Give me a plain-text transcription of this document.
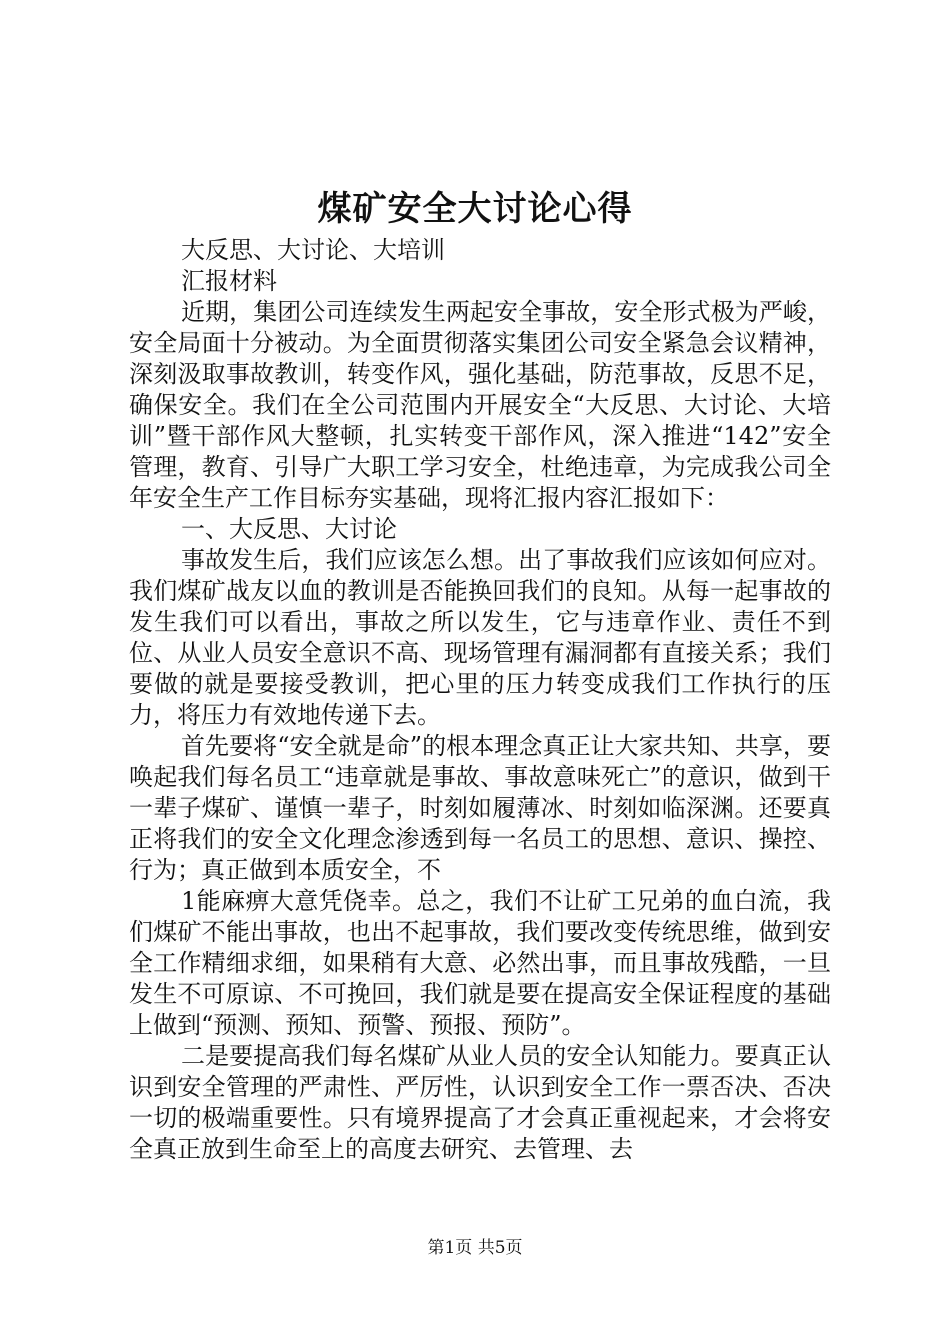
煤矿安全大讨论心得

大反思、大讨论、大培训

汇报材料

近期，集团公司连续发生两起安全事故，安全形式极为严峻，安全局面十分被动。为全面贯彻落实集团公司安全紧急会议精神，深刻汲取事故教训，转变作风，强化基础，防范事故，反思不足，确保安全。我们在全公司范围内开展安全“大反思、大讨论、大培训”暨干部作风大整顿，扎实转变干部作风，深入推进“142”安全管理，教育、引导广大职工学习安全，杜绝违章，为完成我公司全年安全生产工作目标夯实基础，现将汇报内容汇报如下：

一、大反思、大讨论

事故发生后，我们应该怎么想。出了事故我们应该如何应对。我们煤矿战友以血的教训是否能换回我们的良知。从每一起事故的发生我们可以看出，事故之所以发生，它与违章作业、责任不到位、从业人员安全意识不高、现场管理有漏洞都有直接关系；我们要做的就是要接受教训，把心里的压力转变成我们工作执行的压力，将压力有效地传递下去。

首先要将“安全就是命”的根本理念真正让大家共知、共享，要唤起我们每名员工“违章就是事故、事故意味死亡”的意识，做到干一辈子煤矿、谨慎一辈子，时刻如履薄冰、时刻如临深渊。还要真正将我们的安全文化理念渗透到每一名员工的思想、意识、操控、行为；真正做到本质安全，不

1能麻痹大意凭侥幸。总之，我们不让矿工兄弟的血白流，我们煤矿不能出事故，也出不起事故，我们要改变传统思维，做到安全工作精细求细，如果稍有大意、必然出事，而且事故残酷，一旦发生不可原谅、不可挽回，我们就是要在提高安全保证程度的基础上做到“预测、预知、预警、预报、预防”。

二是要提高我们每名煤矿从业人员的安全认知能力。要真正认识到安全管理的严肃性、严厉性，认识到安全工作一票否决、否决一切的极端重要性。只有境界提高了才会真正重视起来，才会将安全真正放到生命至上的高度去研究、去管理、去

第1页 共5页
